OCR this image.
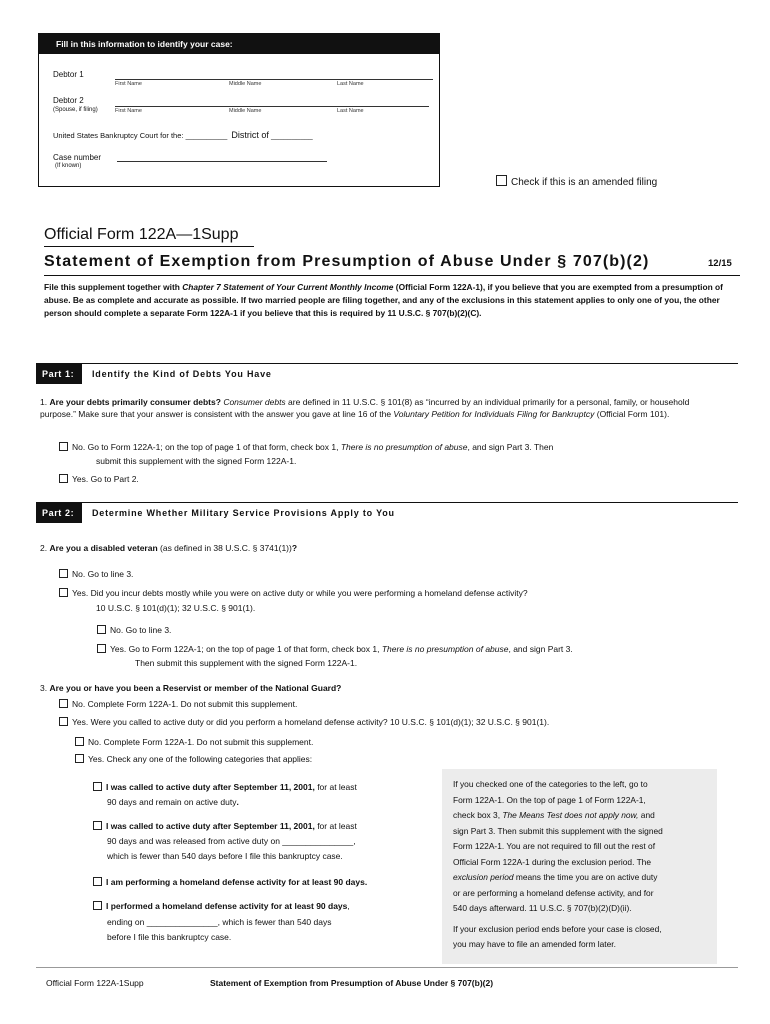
Fill in this information to identify your case:
Debtor 1
First Name	Middle Name	Last Name
Debtor 2
(Spouse, if filing)	First Name	Middle Name	Last Name
United States Bankruptcy Court for the: __________ District of __________
Case number
(If known)
Check if this is an amended filing
Official Form 122A—1Supp
Statement of Exemption from Presumption of Abuse Under § 707(b)(2)	12/15
File this supplement together with Chapter 7 Statement of Your Current Monthly Income (Official Form 122A-1), if you believe that you are exempted from a presumption of abuse. Be as complete and accurate as possible. If two married people are filing together, and any of the exclusions in this statement applies to only one of you, the other person should complete a separate Form 122A-1 if you believe that this is required by 11 U.S.C. § 707(b)(2)(C).
Part 1:	Identify the Kind of Debts You Have
1. Are your debts primarily consumer debts? Consumer debts are defined in 11 U.S.C. § 101(8) as “incurred by an individual primarily for a personal, family, or household purpose.” Make sure that your answer is consistent with the answer you gave at line 16 of the Voluntary Petition for Individuals Filing for Bankruptcy (Official Form 101).
No. Go to Form 122A-1; on the top of page 1 of that form, check box 1, There is no presumption of abuse, and sign Part 3. Then
submit this supplement with the signed Form 122A-1.
Yes. Go to Part 2.
Part 2:	Determine Whether Military Service Provisions Apply to You
2. Are you a disabled veteran (as defined in 38 U.S.C. § 3741(1))?
No. Go to line 3.
Yes. Did you incur debts mostly while you were on active duty or while you were performing a homeland defense activity?
10 U.S.C. § 101(d)(1); 32 U.S.C. § 901(1).
No. Go to line 3.
Yes. Go to Form 122A-1; on the top of page 1 of that form, check box 1, There is no presumption of abuse, and sign Part 3.
Then submit this supplement with the signed Form 122A-1.
3. Are you or have you been a Reservist or member of the National Guard?
No. Complete Form 122A-1. Do not submit this supplement.
Yes. Were you called to active duty or did you perform a homeland defense activity? 10 U.S.C. § 101(d)(1); 32 U.S.C. § 901(1).
No. Complete Form 122A-1. Do not submit this supplement.
Yes. Check any one of the following categories that applies:
I was called to active duty after September 11, 2001, for at least
90 days and remain on active duty.
I was called to active duty after September 11, 2001, for at least
90 days and was released from active duty on _______________,
which is fewer than 540 days before I file this bankruptcy case.
I am performing a homeland defense activity for at least 90 days.
I performed a homeland defense activity for at least 90 days,
ending on _______________, which is fewer than 540 days
before I file this bankruptcy case.
If you checked one of the categories to the left, go to
Form 122A-1. On the top of page 1 of Form 122A-1,
check box 3, The Means Test does not apply now, and
sign Part 3. Then submit this supplement with the signed
Form 122A-1. You are not required to fill out the rest of
Official Form 122A-1 during the exclusion period. The
exclusion period means the time you are on active duty
or are performing a homeland defense activity, and for
540 days afterward. 11 U.S.C. § 707(b)(2)(D)(ii).
If your exclusion period ends before your case is closed,
you may have to file an amended form later.
Official Form 122A-1Supp	Statement of Exemption from Presumption of Abuse Under § 707(b)(2)
